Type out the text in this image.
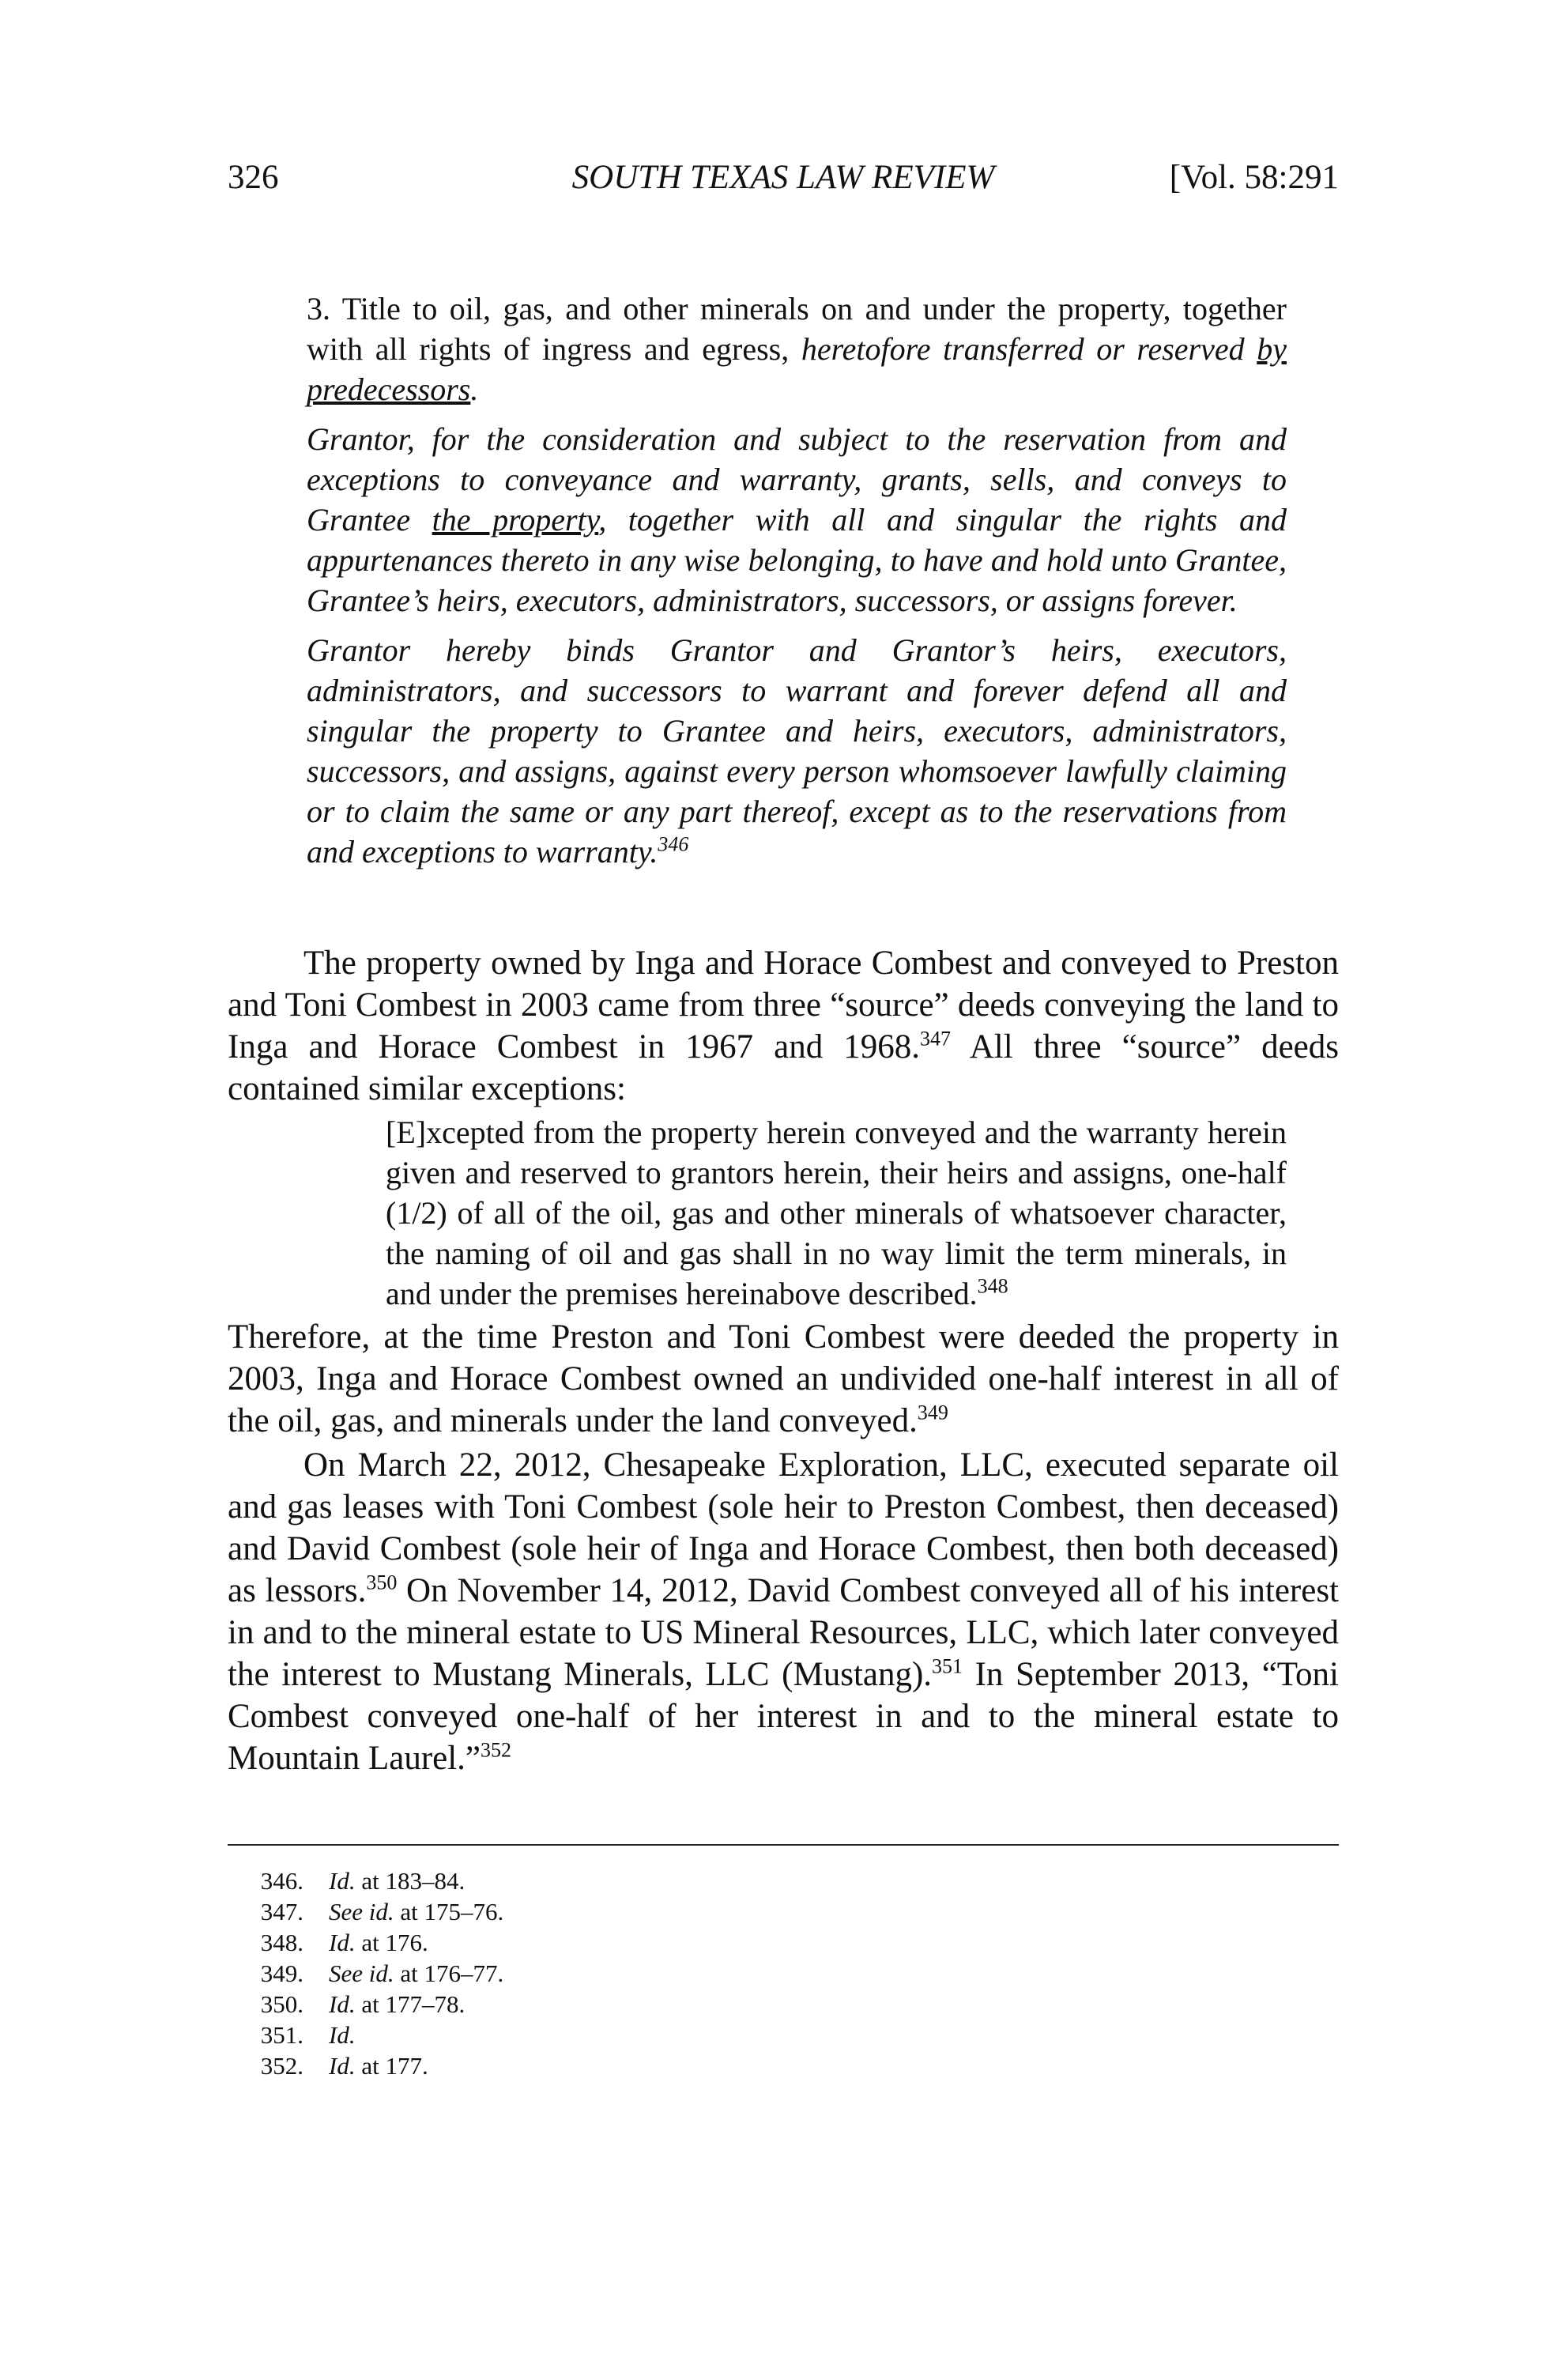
326	SOUTH TEXAS LAW REVIEW	[Vol. 58:291

3. Title to oil, gas, and other minerals on and under the property, together with all rights of ingress and egress, heretofore transferred or reserved by predecessors.

Grantor, for the consideration and subject to the reservation from and exceptions to conveyance and warranty, grants, sells, and conveys to Grantee the property, together with all and singular the rights and appurtenances thereto in any wise belonging, to have and hold unto Grantee, Grantee’s heirs, executors, administrators, successors, or assigns forever.

Grantor hereby binds Grantor and Grantor’s heirs, executors, administrators, and successors to warrant and forever defend all and singular the property to Grantee and heirs, executors, administrators, successors, and assigns, against every person whomsoever lawfully claiming or to claim the same or any part thereof, except as to the reservations from and exceptions to warranty.$^{346}$

The property owned by Inga and Horace Combest and conveyed to Preston and Toni Combest in 2003 came from three “source” deeds conveying the land to Inga and Horace Combest in 1967 and 1968.$^{347}$ All three “source” deeds contained similar exceptions:

[E]xcepted from the property herein conveyed and the warranty herein given and reserved to grantors herein, their heirs and assigns, one-half (1/2) of all of the oil, gas and other minerals of whatsoever character, the naming of oil and gas shall in no way limit the term minerals, in and under the premises hereinabove described.$^{348}$

Therefore, at the time Preston and Toni Combest were deeded the property in 2003, Inga and Horace Combest owned an undivided one-half interest in all of the oil, gas, and minerals under the land conveyed.$^{349}$

On March 22, 2012, Chesapeake Exploration, LLC, executed separate oil and gas leases with Toni Combest (sole heir to Preston Combest, then deceased) and David Combest (sole heir of Inga and Horace Combest, then both deceased) as lessors.$^{350}$ On November 14, 2012, David Combest conveyed all of his interest in and to the mineral estate to US Mineral Resources, LLC, which later conveyed the interest to Mustang Minerals, LLC (Mustang).$^{351}$ In September 2013, “Toni Combest conveyed one-half of her interest in and to the mineral estate to Mountain Laurel.”$^{352}$

346.	Id. at 183–84.
347.	See id. at 175–76.
348.	Id. at 176.
349.	See id. at 176–77.
350.	Id. at 177–78.
351.	Id.
352.	Id. at 177.
